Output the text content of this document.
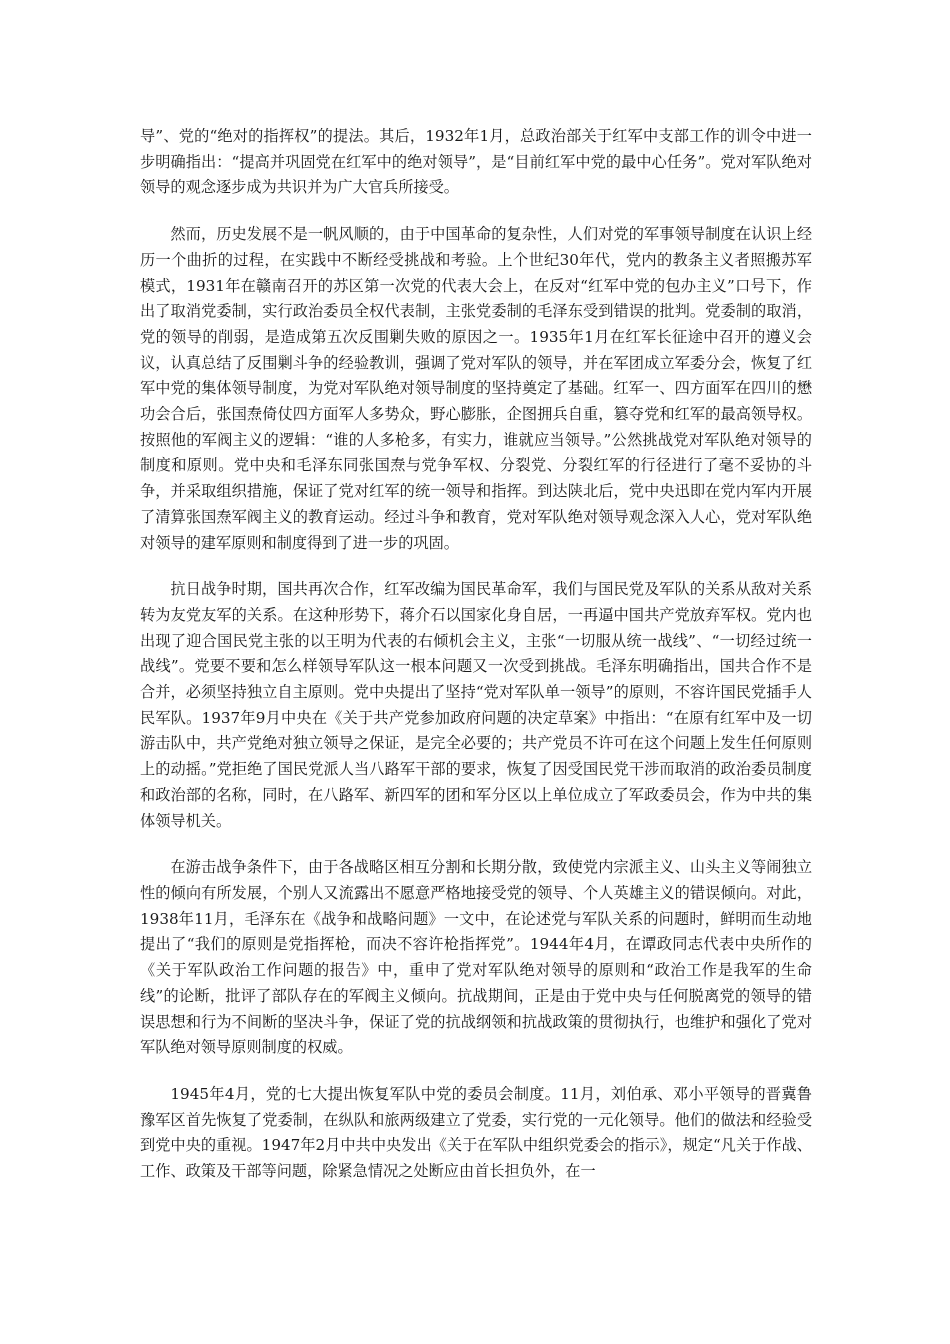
导”、党的“绝对的指挥权”的提法。其后，1932年1月，总政治部关于红军中支部工作的训令中进一步明确指出：“提高并巩固党在红军中的绝对领导”，是“目前红军中党的最中心任务”。党对军队绝对领导的观念逐步成为共识并为广大官兵所接受。

然而，历史发展不是一帆风顺的，由于中国革命的复杂性，人们对党的军事领导制度在认识上经历一个曲折的过程，在实践中不断经受挑战和考验。上个世纪30年代，党内的教条主义者照搬苏军模式，1931年在赣南召开的苏区第一次党的代表大会上，在反对“红军中党的包办主义”口号下，作出了取消党委制，实行政治委员全权代表制，主张党委制的毛泽东受到错误的批判。党委制的取消，党的领导的削弱，是造成第五次反围剿失败的原因之一。1935年1月在红军长征途中召开的遵义会议，认真总结了反围剿斗争的经验教训，强调了党对军队的领导，并在军团成立军委分会，恢复了红军中党的集体领导制度，为党对军队绝对领导制度的坚持奠定了基础。红军一、四方面军在四川的懋功会合后，张国焘倚仗四方面军人多势众，野心膨胀，企图拥兵自重，篡夺党和红军的最高领导权。按照他的军阀主义的逻辑：“谁的人多枪多，有实力，谁就应当领导。”公然挑战党对军队绝对领导的制度和原则。党中央和毛泽东同张国焘与党争军权、分裂党、分裂红军的行径进行了毫不妥协的斗争，并采取组织措施，保证了党对红军的统一领导和指挥。到达陕北后，党中央迅即在党内军内开展了清算张国焘军阀主义的教育运动。经过斗争和教育，党对军队绝对领导观念深入人心，党对军队绝对领导的建军原则和制度得到了进一步的巩固。

抗日战争时期，国共再次合作，红军改编为国民革命军，我们与国民党及军队的关系从敌对关系转为友党友军的关系。在这种形势下，蒋介石以国家化身自居，一再逼中国共产党放弃军权。党内也出现了迎合国民党主张的以王明为代表的右倾机会主义，主张“一切服从统一战线”、“一切经过统一战线”。党要不要和怎么样领导军队这一根本问题又一次受到挑战。毛泽东明确指出，国共合作不是合并，必须坚持独立自主原则。党中央提出了坚持“党对军队单一领导”的原则，不容许国民党插手人民军队。1937年9月中央在《关于共产党参加政府问题的决定草案》中指出：“在原有红军中及一切游击队中，共产党绝对独立领导之保证，是完全必要的；共产党员不许可在这个问题上发生任何原则上的动摇。”党拒绝了国民党派人当八路军干部的要求，恢复了因受国民党干涉而取消的政治委员制度和政治部的名称，同时，在八路军、新四军的团和军分区以上单位成立了军政委员会，作为中共的集体领导机关。

在游击战争条件下，由于各战略区相互分割和长期分散，致使党内宗派主义、山头主义等闹独立性的倾向有所发展，个别人又流露出不愿意严格地接受党的领导、个人英雄主义的错误倾向。对此，1938年11月，毛泽东在《战争和战略问题》一文中，在论述党与军队关系的问题时，鲜明而生动地提出了“我们的原则是党指挥枪，而决不容许枪指挥党”。1944年4月，在谭政同志代表中央所作的《关于军队政治工作问题的报告》中，重申了党对军队绝对领导的原则和“政治工作是我军的生命线”的论断，批评了部队存在的军阀主义倾向。抗战期间，正是由于党中央与任何脱离党的领导的错误思想和行为不间断的坚决斗争，保证了党的抗战纲领和抗战政策的贯彻执行，也维护和强化了党对军队绝对领导原则制度的权威。

1945年4月，党的七大提出恢复军队中党的委员会制度。11月，刘伯承、邓小平领导的晋冀鲁豫军区首先恢复了党委制，在纵队和旅两级建立了党委，实行党的一元化领导。他们的做法和经验受到党中央的重视。1947年2月中共中央发出《关于在军队中组织党委会的指示》，规定“凡关于作战、工作、政策及干部等问题，除紧急情况之处断应由首长担负外，在一
